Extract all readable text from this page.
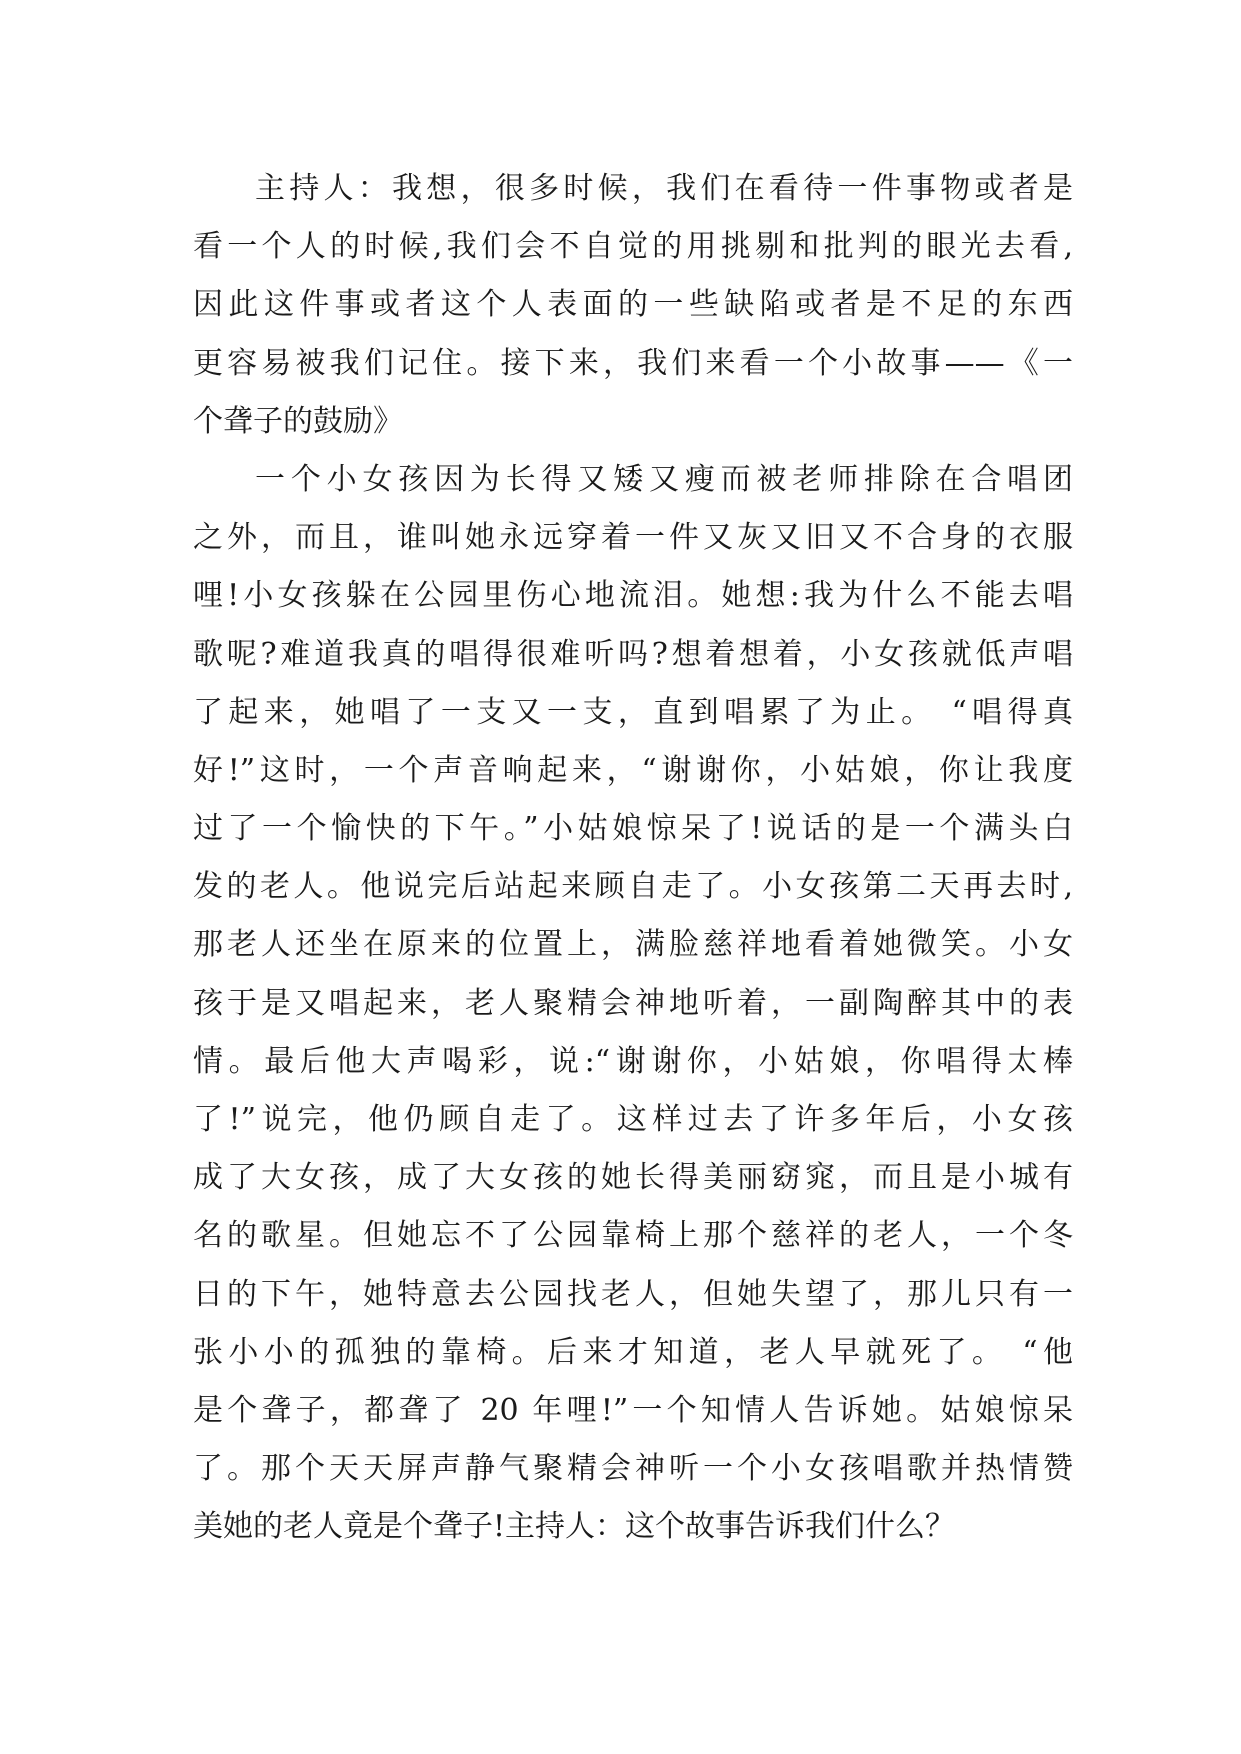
主持人：我想，很多时候，我们在看待一件事物或者是
看一个人的时候,我们会不自觉的用挑剔和批判的眼光去看,
因此这件事或者这个人表面的一些缺陷或者是不足的东西
更容易被我们记住。接下来，我们来看一个小故事——《一
个聋子的鼓励》
一个小女孩因为长得又矮又瘦而被老师排除在合唱团
之外，而且，谁叫她永远穿着一件又灰又旧又不合身的衣服
哩!小女孩躲在公园里伤心地流泪。她想:我为什么不能去唱
歌呢?难道我真的唱得很难听吗?想着想着，小女孩就低声唱
了起来，她唱了一支又一支，直到唱累了为止。 “唱得真
好!”这时，一个声音响起来，“谢谢你，小姑娘，你让我度
过了一个愉快的下午。”小姑娘惊呆了!说话的是一个满头白
发的老人。他说完后站起来顾自走了。小女孩第二天再去时,
那老人还坐在原来的位置上，满脸慈祥地看着她微笑。小女
孩于是又唱起来，老人聚精会神地听着，一副陶醉其中的表
情。最后他大声喝彩，说:“谢谢你，小姑娘，你唱得太棒
了!”说完，他仍顾自走了。这样过去了许多年后，小女孩
成了大女孩，成了大女孩的她长得美丽窈窕，而且是小城有
名的歌星。但她忘不了公园靠椅上那个慈祥的老人，一个冬
日的下午，她特意去公园找老人，但她失望了，那儿只有一
张小小的孤独的靠椅。后来才知道，老人早就死了。 “他
是个聋子，都聋了 20 年哩!”一个知情人告诉她。姑娘惊呆
了。那个天天屏声静气聚精会神听一个小女孩唱歌并热情赞
美她的老人竟是个聋子!主持人：这个故事告诉我们什么？
